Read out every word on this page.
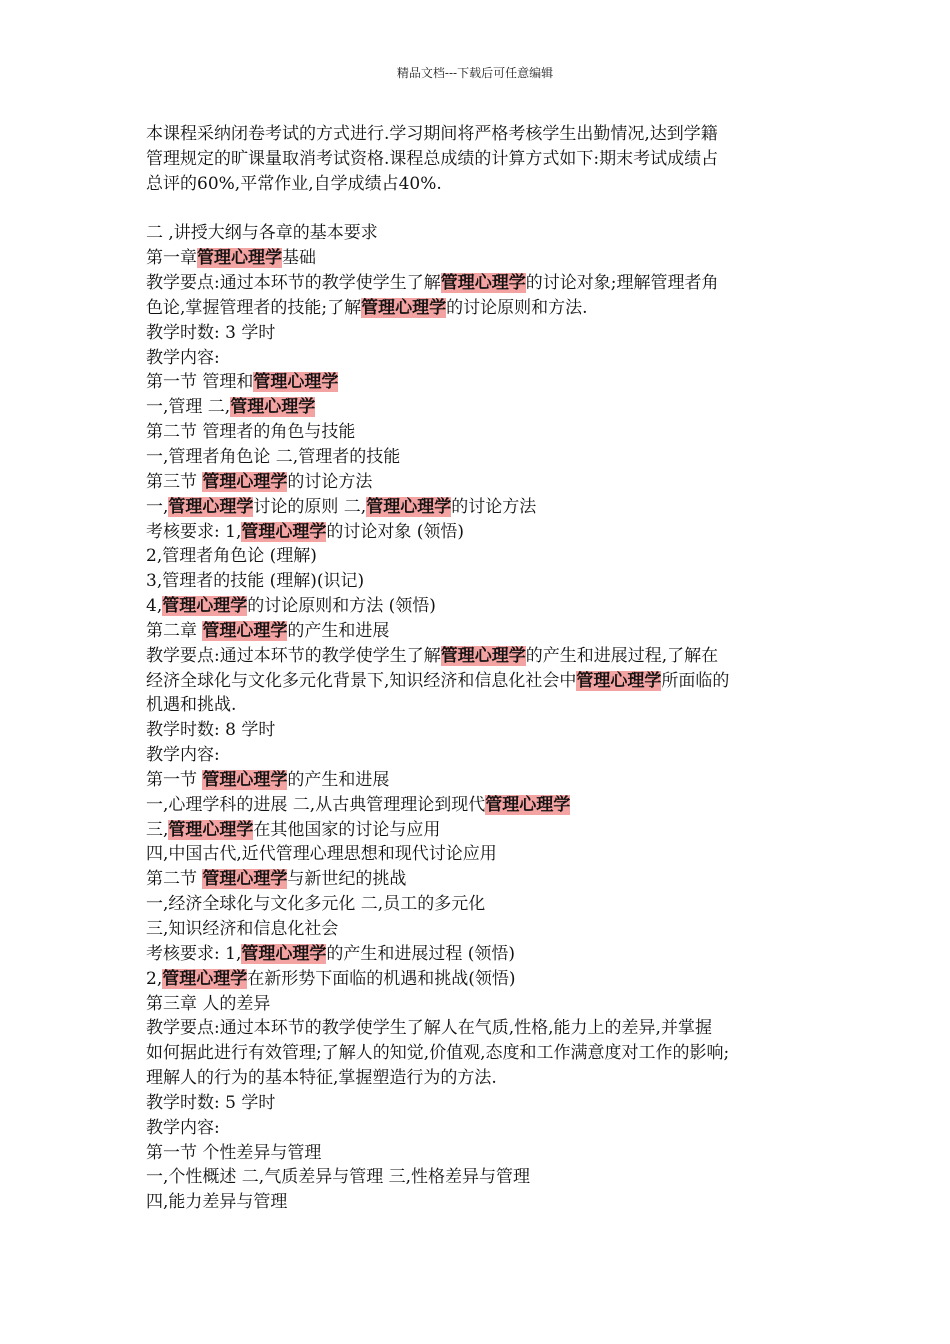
精品文档---下载后可任意编辑
本课程采纳闭卷考试的方式进行.学习期间将严格考核学生出勤情况,达到学籍
管理规定的旷课量取消考试资格.课程总成绩的计算方式如下:期末考试成绩占
总评的60%,平常作业,自学成绩占40%.
二 ,讲授大纲与各章的基本要求
第一章管理心理学基础
教学要点:通过本环节的教学使学生了解管理心理学的讨论对象;理解管理者角
色论,掌握管理者的技能;了解管理心理学的讨论原则和方法.
教学时数: 3 学时
教学内容:
第一节 管理和管理心理学
一,管理 二,管理心理学
第二节 管理者的角色与技能
一,管理者角色论 二,管理者的技能
第三节 管理心理学的讨论方法
一,管理心理学讨论的原则 二,管理心理学的讨论方法
考核要求: 1,管理心理学的讨论对象 (领悟)
2,管理者角色论 (理解)
3,管理者的技能 (理解)(识记)
4,管理心理学的讨论原则和方法 (领悟)
第二章 管理心理学的产生和进展
教学要点:通过本环节的教学使学生了解管理心理学的产生和进展过程,了解在
经济全球化与文化多元化背景下,知识经济和信息化社会中管理心理学所面临的
机遇和挑战.
教学时数: 8 学时
教学内容:
第一节 管理心理学的产生和进展
一,心理学科的进展 二,从古典管理理论到现代管理心理学
三,管理心理学在其他国家的讨论与应用
四,中国古代,近代管理心理思想和现代讨论应用
第二节 管理心理学与新世纪的挑战
一,经济全球化与文化多元化 二,员工的多元化
三,知识经济和信息化社会
考核要求: 1,管理心理学的产生和进展过程 (领悟)
2,管理心理学在新形势下面临的机遇和挑战(领悟)
第三章 人的差异
教学要点:通过本环节的教学使学生了解人在气质,性格,能力上的差异,并掌握
如何据此进行有效管理;了解人的知觉,价值观,态度和工作满意度对工作的影响;
理解人的行为的基本特征,掌握塑造行为的方法.
教学时数: 5 学时
教学内容:
第一节 个性差异与管理
一,个性概述 二,气质差异与管理 三,性格差异与管理
四,能力差异与管理
